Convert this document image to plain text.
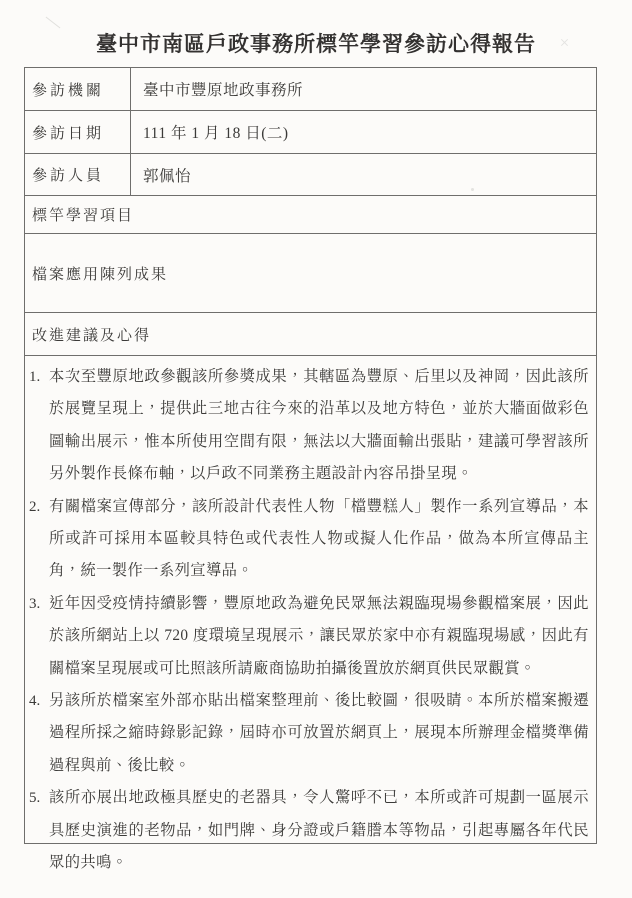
臺中市南區戶政事務所標竿學習參訪心得報告
參訪機關	臺中市豐原地政事務所
參訪日期	111 年 1 月 18 日(二)
參訪人員	郭佩怡
標竿學習項目
檔案應用陳列成果
改進建議及心得
1. 本次至豐原地政參觀該所參獎成果，其轄區為豐原、后里以及神岡，因此該所於展覽呈現上，提供此三地古往今來的沿革以及地方特色，並於大牆面做彩色圖輸出展示，惟本所使用空間有限，無法以大牆面輸出張貼，建議可學習該所另外製作長條布軸，以戶政不同業務主題設計內容吊掛呈現。
2. 有關檔案宣傳部分，該所設計代表性人物「檔豐糕人」製作一系列宣導品，本所或許可採用本區較具特色或代表性人物或擬人化作品，做為本所宣傳品主角，統一製作一系列宣導品。
3. 近年因受疫情持續影響，豐原地政為避免民眾無法親臨現場參觀檔案展，因此於該所網站上以 720 度環境呈現展示，讓民眾於家中亦有親臨現場感，因此有關檔案呈現展或可比照該所請廠商協助拍攝後置放於網頁供民眾觀賞。
4. 另該所於檔案室外部亦貼出檔案整理前、後比較圖，很吸睛。本所於檔案搬遷過程所採之縮時錄影記錄，屆時亦可放置於網頁上，展現本所辦理金檔獎準備過程與前、後比較。
5. 該所亦展出地政極具歷史的老器具，令人驚呼不已，本所或許可規劃一區展示具歷史演進的老物品，如門牌、身分證或戶籍謄本等物品，引起專屬各年代民眾的共鳴。
